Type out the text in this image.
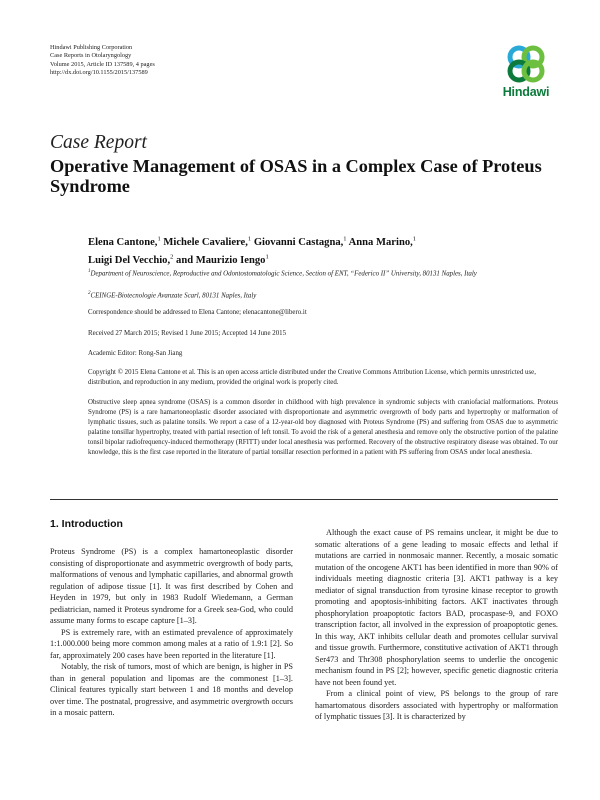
Hindawi Publishing Corporation
Case Reports in Otolaryngology
Volume 2015, Article ID 137589, 4 pages
http://dx.doi.org/10.1155/2015/137589
Hindawi
Case Report
Operative Management of OSAS in a Complex Case of Proteus Syndrome
Elena Cantone,$^1$ Michele Cavaliere,$^1$ Giovanni Castagna,$^1$ Anna Marino,$^1$
Luigi Del Vecchio,$^2$ and Maurizio Iengo$^1$
$^1$Department of Neuroscience, Reproductive and Odontostomatologic Science, Section of ENT, “Federico II” University, 80131 Naples, Italy
$^2$CEINGE-Biotecnologie Avanzate Scarl, 80131 Naples, Italy
Correspondence should be addressed to Elena Cantone; elenacantone@libero.it
Received 27 March 2015; Revised 1 June 2015; Accepted 14 June 2015
Academic Editor: Rong-San Jiang
Copyright © 2015 Elena Cantone et al. This is an open access article distributed under the Creative Commons Attribution License, which permits unrestricted use, distribution, and reproduction in any medium, provided the original work is properly cited.
Obstructive sleep apnea syndrome (OSAS) is a common disorder in childhood with high prevalence in syndromic subjects with craniofacial malformations. Proteus Syndrome (PS) is a rare hamartoneoplastic disorder associated with disproportionate and asymmetric overgrowth of body parts and hypertrophy or malformation of lymphatic tissues, such as palatine tonsils. We report a case of a 12-year-old boy diagnosed with Proteus Syndrome (PS) and suffering from OSAS due to asymmetric palatine tonsillar hypertrophy, treated with partial resection of left tonsil. To avoid the risk of a general anesthesia and remove only the obstructive portion of the palatine tonsil bipolar radiofrequency-induced thermotherapy (RFITT) under local anesthesia was performed. Recovery of the obstructive respiratory disease was obtained. To our knowledge, this is the first case reported in the literature of partial tonsillar resection performed in a patient with PS suffering from OSAS under local anesthesia.
1. Introduction

Proteus Syndrome (PS) is a complex hamartoneoplastic disorder consisting of disproportionate and asymmetric overgrowth of body parts, malformations of venous and lymphatic capillaries, and abnormal growth regulation of adipose tissue [1]. It was first described by Cohen and Heyden in 1979, but only in 1983 Rudolf Wiedemann, a German pediatrician, named it Proteus syndrome for a Greek sea-God, who could assume many forms to escape capture [1–3].

PS is extremely rare, with an estimated prevalence of approximately 1:1.000.000 being more common among males at a ratio of 1.9:1 [2]. So far, approximately 200 cases have been reported in the literature [1].

Notably, the risk of tumors, most of which are benign, is higher in PS than in general population and lipomas are the commonest [1–3]. Clinical features typically start between 1 and 18 months and develop over time. The postnatal, progressive, and asymmetric overgrowth occurs in a mosaic pattern.

Although the exact cause of PS remains unclear, it might be due to somatic alterations of a gene leading to mosaic effects and lethal if mutations are carried in nonmosaic manner. Recently, a mosaic somatic mutation of the oncogene AKT1 has been identified in more than 90% of individuals meeting diagnostic criteria [3]. AKT1 pathway is a key mediator of signal transduction from tyrosine kinase receptor to growth promoting and apoptosis-inhibiting factors. AKT inactivates through phosphorylation proapoptotic factors BAD, procaspase-9, and FOXO transcription factor, all involved in the expression of proapoptotic genes. In this way, AKT inhibits cellular death and promotes cellular survival and tissue growth. Furthermore, constitutive activation of AKT1 through Ser473 and Thr308 phosphorylation seems to underlie the oncogenic mechanism found in PS [2]; however, specific genetic diagnostic criteria have not been found yet.

From a clinical point of view, PS belongs to the group of rare hamartomatous disorders associated with hypertrophy or malformation of lymphatic tissues [3]. It is characterized by
